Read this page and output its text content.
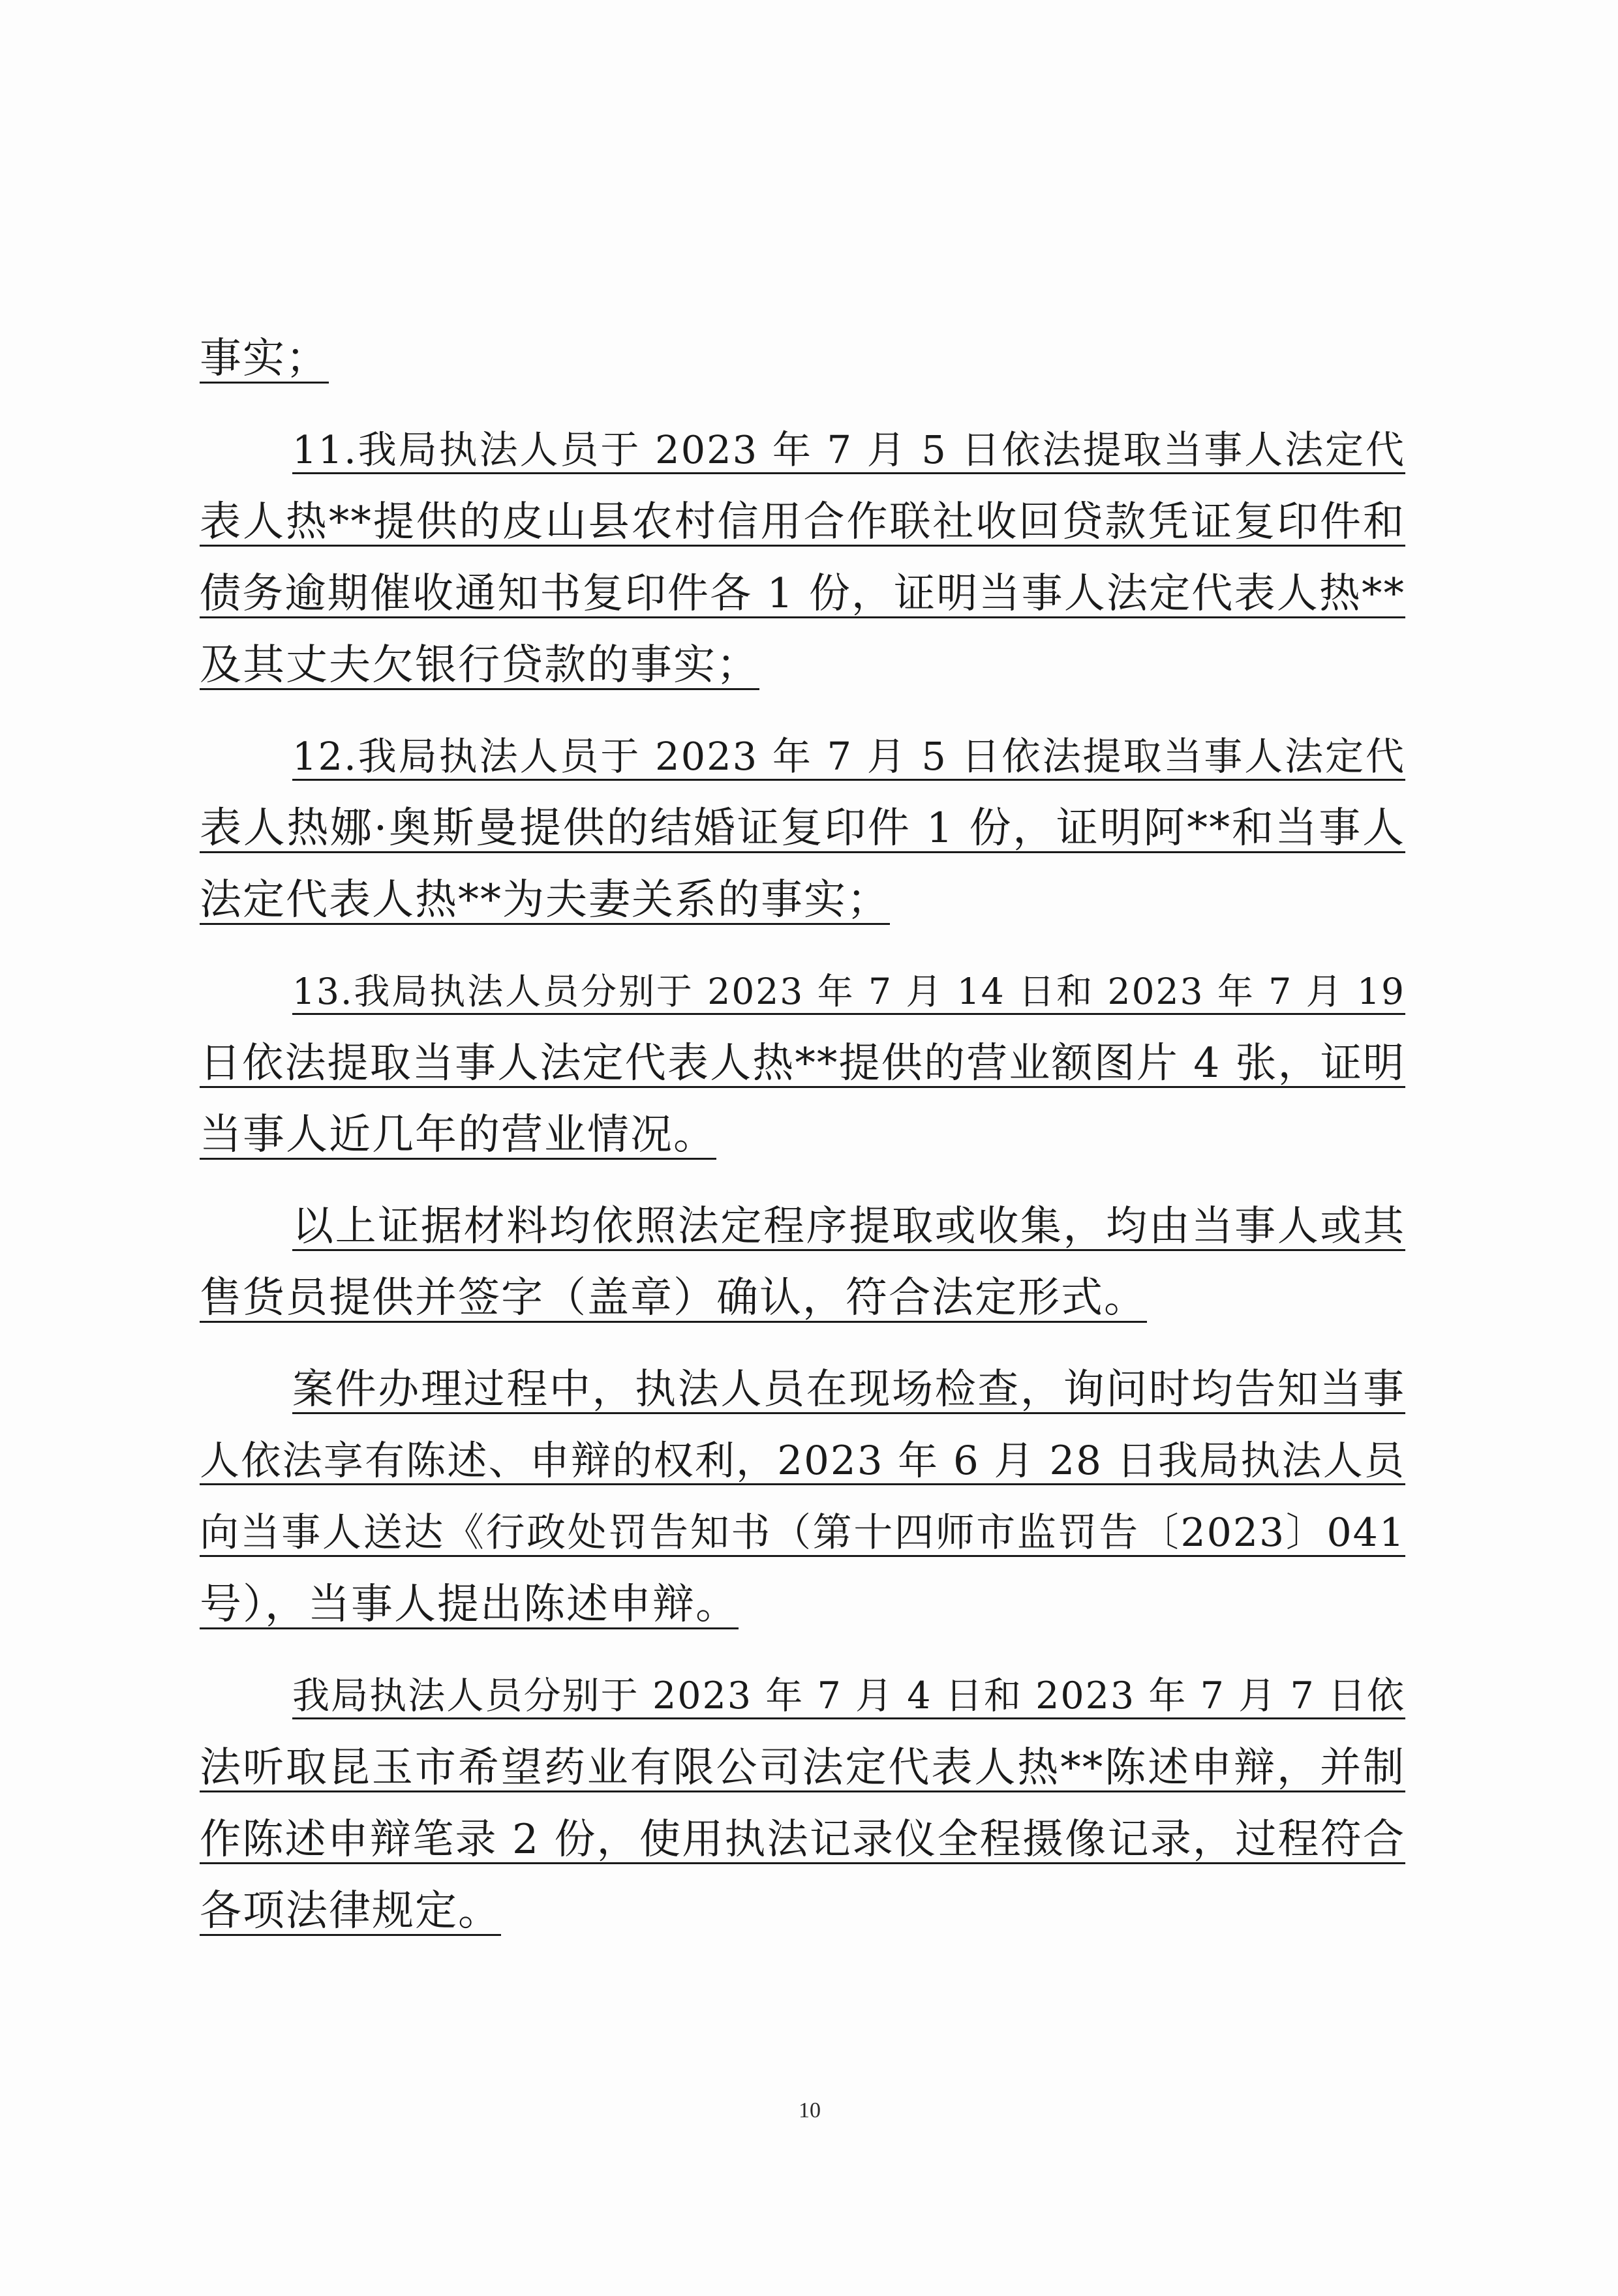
事实；
11.我局执法人员于 2023 年 7 月 5 日依法提取当事人法定代
表人热**提供的皮山县农村信用合作联社收回贷款凭证复印件和
债务逾期催收通知书复印件各 1 份，证明当事人法定代表人热**
及其丈夫欠银行贷款的事实；
12.我局执法人员于 2023 年 7 月 5 日依法提取当事人法定代
表人热娜·奥斯曼提供的结婚证复印件 1 份，证明阿**和当事人
法定代表人热**为夫妻关系的事实；
13.我局执法人员分别于 2023 年 7 月 14 日和 2023 年 7 月 19
日依法提取当事人法定代表人热**提供的营业额图片 4 张，证明
当事人近几年的营业情况。
以上证据材料均依照法定程序提取或收集，均由当事人或其
售货员提供并签字（盖章）确认，符合法定形式。
案件办理过程中，执法人员在现场检查，询问时均告知当事
人依法享有陈述、申辩的权利，2023 年 6 月 28 日我局执法人员
向当事人送达《行政处罚告知书（第十四师市监罚告〔2023〕041
号），当事人提出陈述申辩。
我局执法人员分别于 2023 年 7 月 4 日和 2023 年 7 月 7 日依
法听取昆玉市希望药业有限公司法定代表人热**陈述申辩，并制
作陈述申辩笔录 2 份，使用执法记录仪全程摄像记录，过程符合
各项法律规定。
10
